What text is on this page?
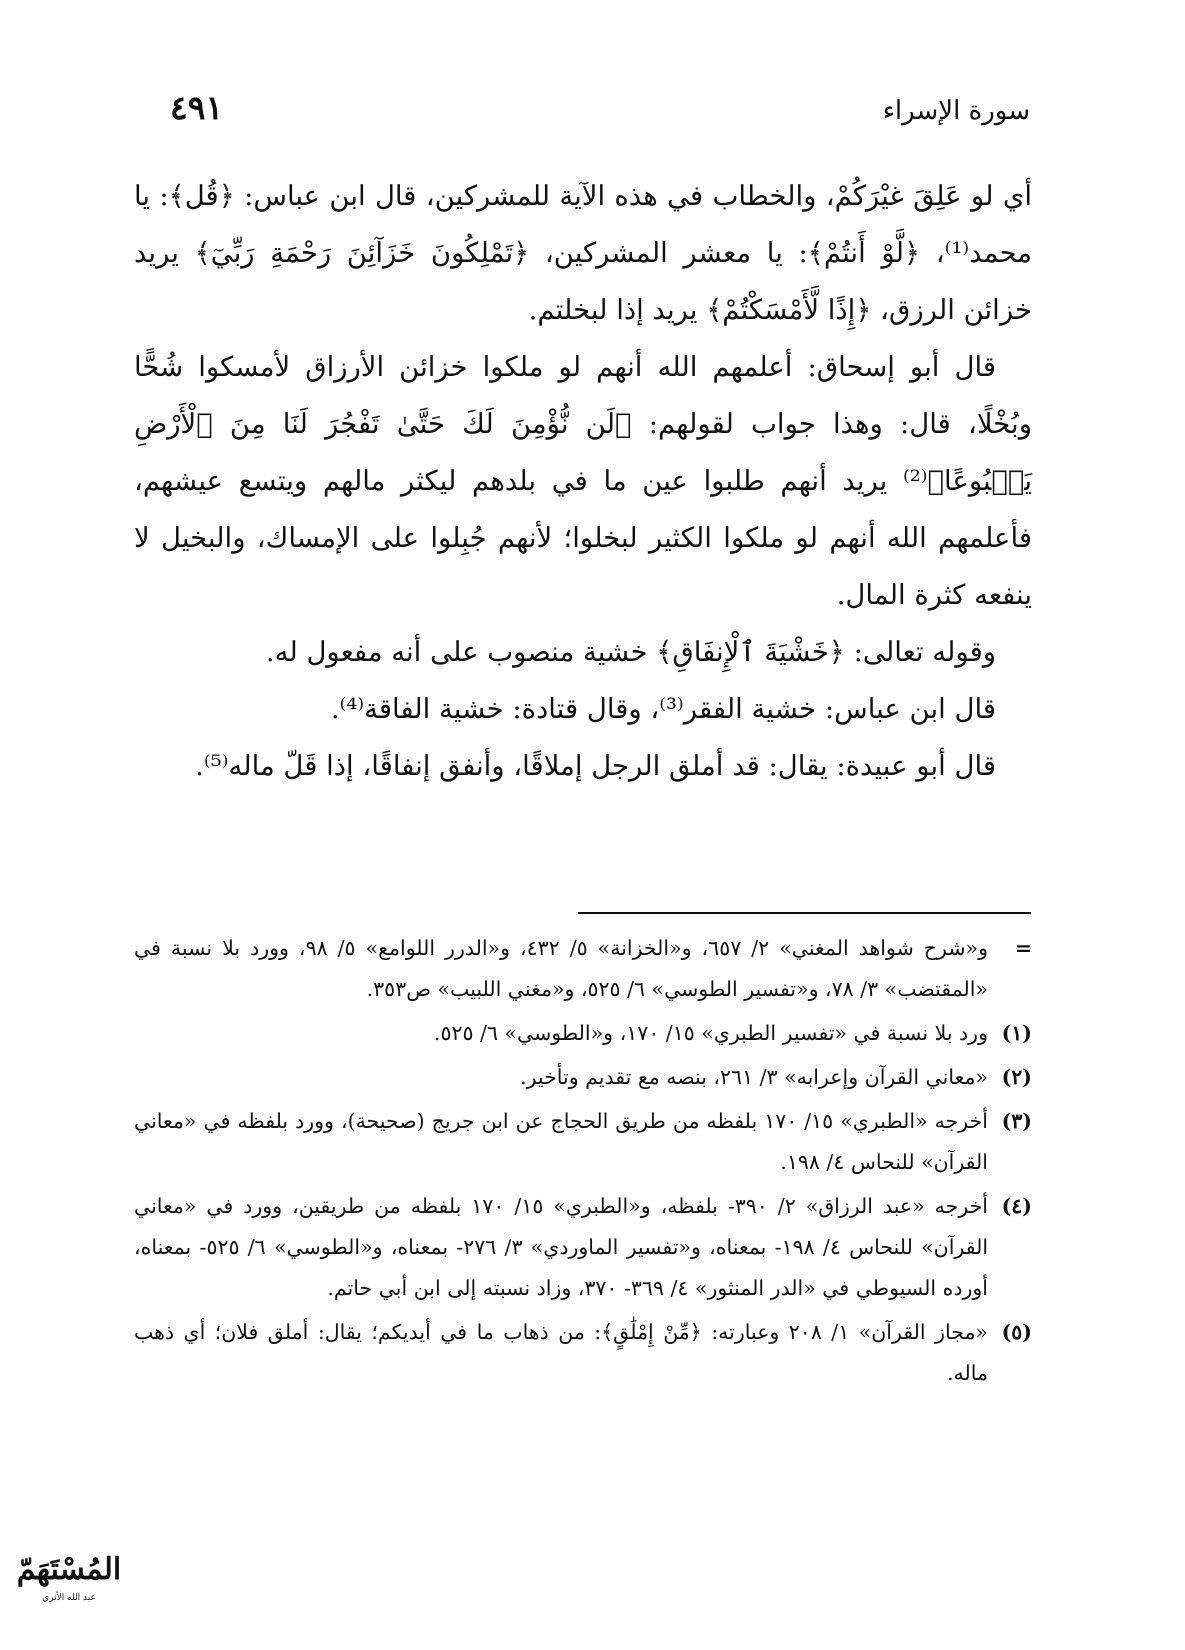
سورة الإسراء
٤٩١

أي لو عَلِقَ غيْرَكُمْ، والخطاب في هذه الآية للمشركين، قال ابن عباس: ﴿قُل﴾: يا محمد⁽¹⁾، ﴿لَّوْ أَنتُمْ﴾: يا معشر المشركين، ﴿تَمْلِكُونَ خَزَآئِنَ رَحْمَةِ رَبِّيٓ﴾ يريد خزائن الرزق، ﴿إِذًا لَّأَمْسَكْتُمْ﴾ يريد إذا لبخلتم.

قال أبو إسحاق: أعلمهم الله أنهم لو ملكوا خزائن الأرزاق لأمسكوا شُحًّا وبُخْلًا، قال: وهذا جواب لقولهم: ﴿لَن نُّؤْمِنَ لَكَ حَتَّىٰ تَفْجُرَ لَنَا مِنَ ٱلْأَرْضِ يَنۢبُوعًا﴾⁽²⁾ يريد أنهم طلبوا عين ما في بلدهم ليكثر مالهم ويتسع عيشهم، فأعلمهم الله أنهم لو ملكوا الكثير لبخلوا؛ لأنهم جُبِلوا على الإمساك، والبخيل لا ينفعه كثرة المال.

وقوله تعالى: ﴿خَشْيَةَ ٱلْإِنفَاقِ﴾ خشية منصوب على أنه مفعول له.

قال ابن عباس: خشية الفقر⁽³⁾، وقال قتادة: خشية الفاقة⁽⁴⁾.

قال أبو عبيدة: يقال: قد أملق الرجل إملاقًا، وأنفق إنفاقًا، إذا قَلّ ماله⁽⁵⁾.

=
و«شرح شواهد المغني» ٢/ ٦٥٧، و«الخزانة» ٥/ ٤٣٢، و«الدرر اللوامع» ٥/ ٩٨، وورد بلا نسبة في «المقتضب» ٣/ ٧٨، و«تفسير الطوسي» ٦/ ٥٢٥، و«مغني اللبيب» ص٣٥٣.
(١)
ورد بلا نسبة في «تفسير الطبري» ١٥/ ١٧٠، و«الطوسي» ٦/ ٥٢٥.
(٢)
«معاني القرآن وإعرابه» ٣/ ٢٦١، بنصه مع تقديم وتأخير.
(٣)
أخرجه «الطبري» ١٥/ ١٧٠ بلفظه من طريق الحجاج عن ابن جريج (صحيحة)، وورد بلفظه في «معاني القرآن» للنحاس ٤/ ١٩٨.
(٤)
أخرجه «عبد الرزاق» ٢/ ٣٩٠- بلفظه، و«الطبري» ١٥/ ١٧٠ بلفظه من طريقين، وورد في «معاني القرآن» للنحاس ٤/ ١٩٨- بمعناه، و«تفسير الماوردي» ٣/ ٢٧٦- بمعناه، و«الطوسي» ٦/ ٥٢٥- بمعناه، أورده السيوطي في «الدر المنثور» ٤/ ٣٦٩- ٣٧٠، وزاد نسبته إلى ابن أبي حاتم.
(٥)
«مجاز القرآن» ١/ ٢٠٨ وعبارته: ﴿مِّنْ إِمْلَٰقٍ﴾: من ذهاب ما في أيديكم؛ يقال: أملق فلان؛ أي ذهب ماله.
المُسْتَهَمّ
عبد الله الأثري
